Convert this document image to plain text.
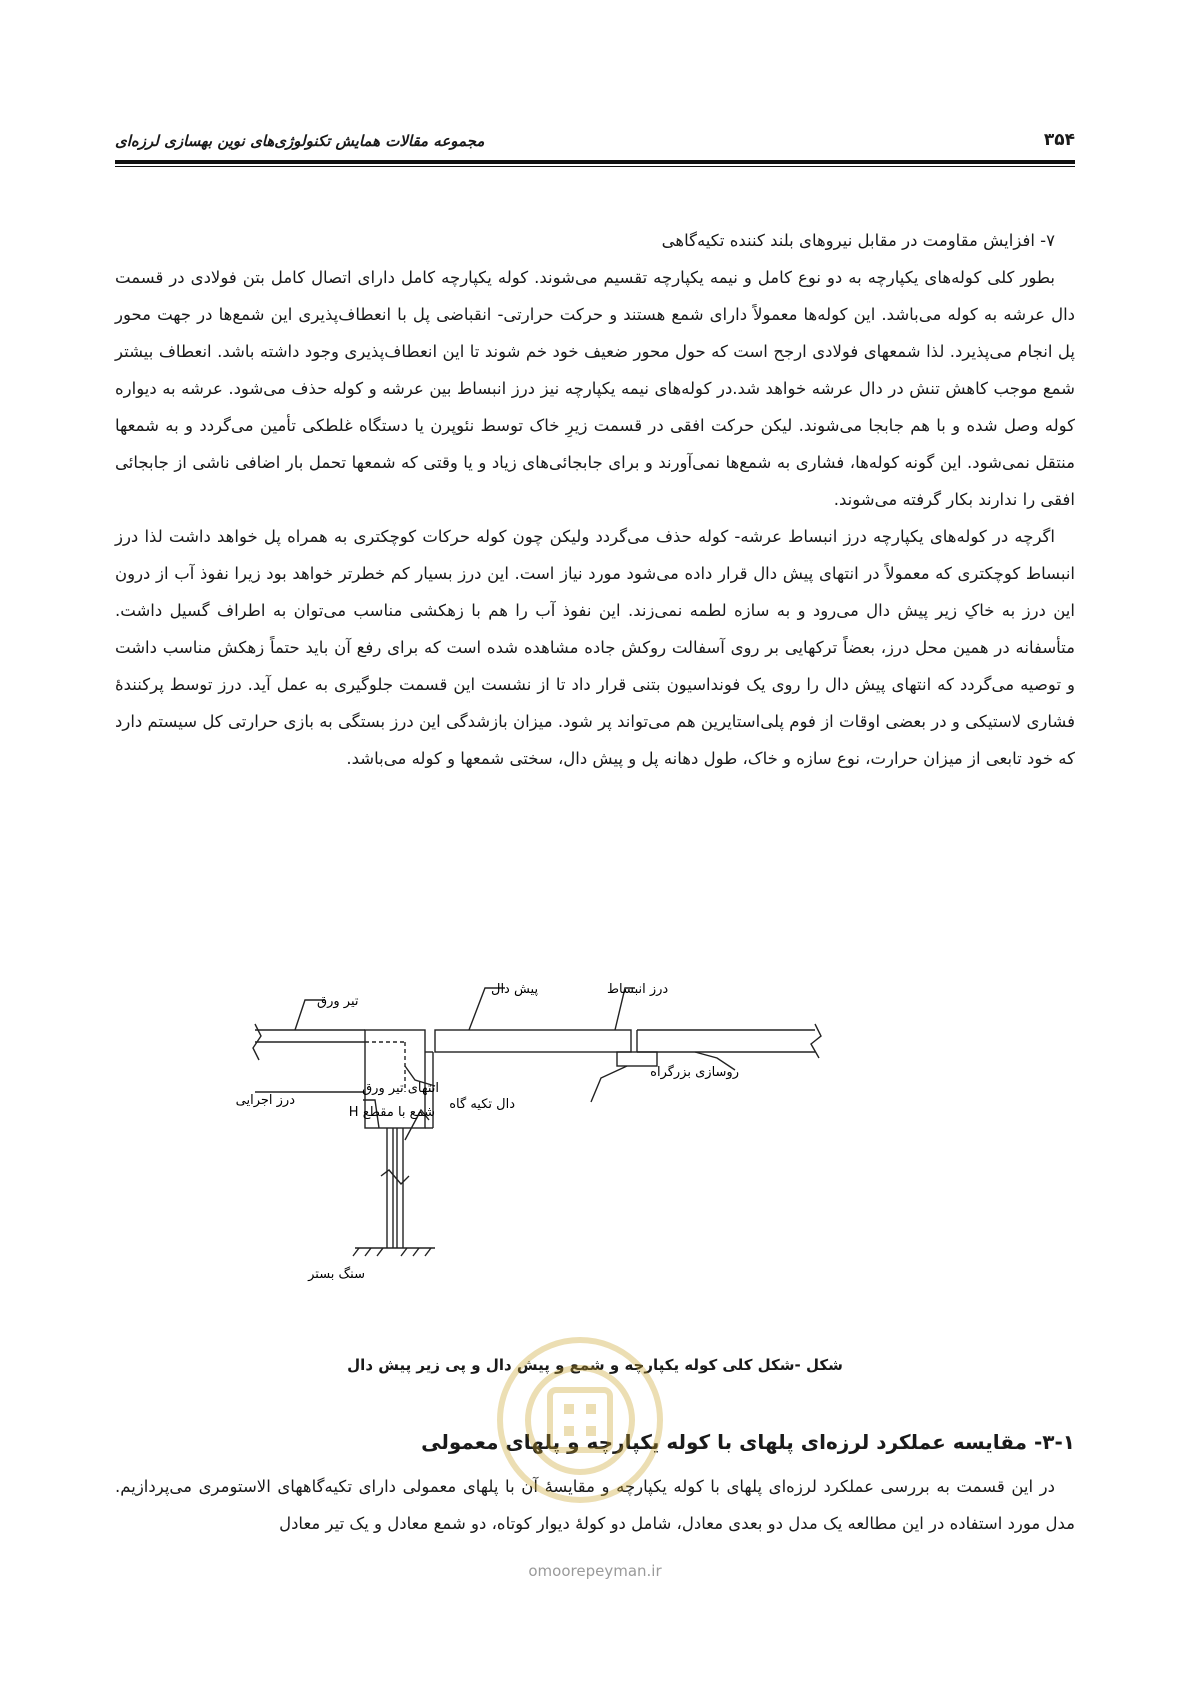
۳۵۴
مجموعه مقالات همایش تکنولوژی‌های نوین بهسازی لرزه‌ای

۷- افزایش مقاومت در مقابل نیروهای بلند کننده تکیه‌گاهی

بطور کلی کوله‌های یکپارچه به دو نوع کامل و نیمه یکپارچه تقسیم می‌شوند. کوله یکپارچه کامل دارای اتصال کامل بتن فولادی در قسمت دال عرشه به کوله می‌باشد. این کوله‌ها معمولاً دارای شمع هستند و حرکت حرارتی- انقباضی پل با انعطاف‌پذیری این شمع‌ها در جهت محور پل انجام می‌پذیرد. لذا شمعهای فولادی ارجح است که حول محور ضعیف خود خم شوند تا این انعطاف‌پذیری وجود داشته باشد. انعطاف بیشتر شمع موجب کاهش تنش در دال عرشه خواهد شد.در کوله‌های نیمه یکپارچه نیز درز انبساط بین عرشه و کوله حذف می‌شود. عرشه به دیواره کوله وصل شده و با هم جابجا می‌شوند. لیکن حرکت افقی در قسمت زیرِ خاک توسط نئوپرن یا دستگاه غلطکی تأمین می‌گردد و به شمعها منتقل نمی‌شود. این گونه کوله‌ها، فشاری به شمع‌ها نمی‌آورند و برای جابجائی‌های زیاد و یا وقتی که شمعها تحمل بار اضافی ناشی از جابجائی افقی را ندارند بکار گرفته می‌شوند.

اگرچه در کوله‌های یکپارچه درز انبساط عرشه- کوله حذف می‌گردد ولیکن چون کوله حرکات کوچکتری به همراه پل خواهد داشت لذا درز انبساط کوچکتری که معمولاً در انتهای پیش دال قرار داده می‌شود مورد نیاز است. این درز بسیار کم خطرتر خواهد بود زیرا نفوذ آب از درون این درز به خاکِ زیر پیش دال می‌رود و به سازه لطمه نمی‌زند. این نفوذ آب را هم با زهکشی مناسب می‌توان به اطراف گسیل داشت. متأسفانه در همین محل درز، بعضاً ترکهایی بر روی آسفالت روکش جاده مشاهده شده است که برای رفع آن باید حتماً زهکش مناسب داشت و توصیه می‌گردد که انتهای پیش دال را روی یک فونداسیون بتنی قرار داد تا از نشست این قسمت جلوگیری به عمل آید. درز توسط پرکنندهٔ فشاری لاستیکی و در بعضی اوقات از فوم پلی‌استایرین هم می‌تواند پر شود. میزان بازشدگی این درز بستگی به بازی حرارتی کل سیستم دارد که خود تابعی از میزان حرارت، نوع سازه و خاک، طول دهانه پل و پیش دال، سختی شمعها و کوله می‌باشد.

تیر ورق
پیش دال	درز انبساط
انتهای تیر ورق
دال تکیه گاه
روسازی بزرگراه
درز اجرایی
شمع با مقطع H
سنگ بستر
شکل -شکل کلی کوله یکپارچه و شمع و پیش دال و پی زیر پیش دال
۳-۱- مقایسه عملکرد لرزه‌ای پلهای با کوله یکپارچه و پلهای معمولی
در این قسمت به بررسی عملکرد لرزه‌ای پلهای با کوله یکپارچه و مقایسهٔ آن با پلهای معمولی دارای تکیه‌گاههای الاستومری می‌پردازیم. مدل مورد استفاده در این مطالعه یک مدل دو بعدی معادل، شامل دو کولهٔ دیوار کوتاه، دو شمع معادل و یک تیر معادل
omoorepeyman.ir
